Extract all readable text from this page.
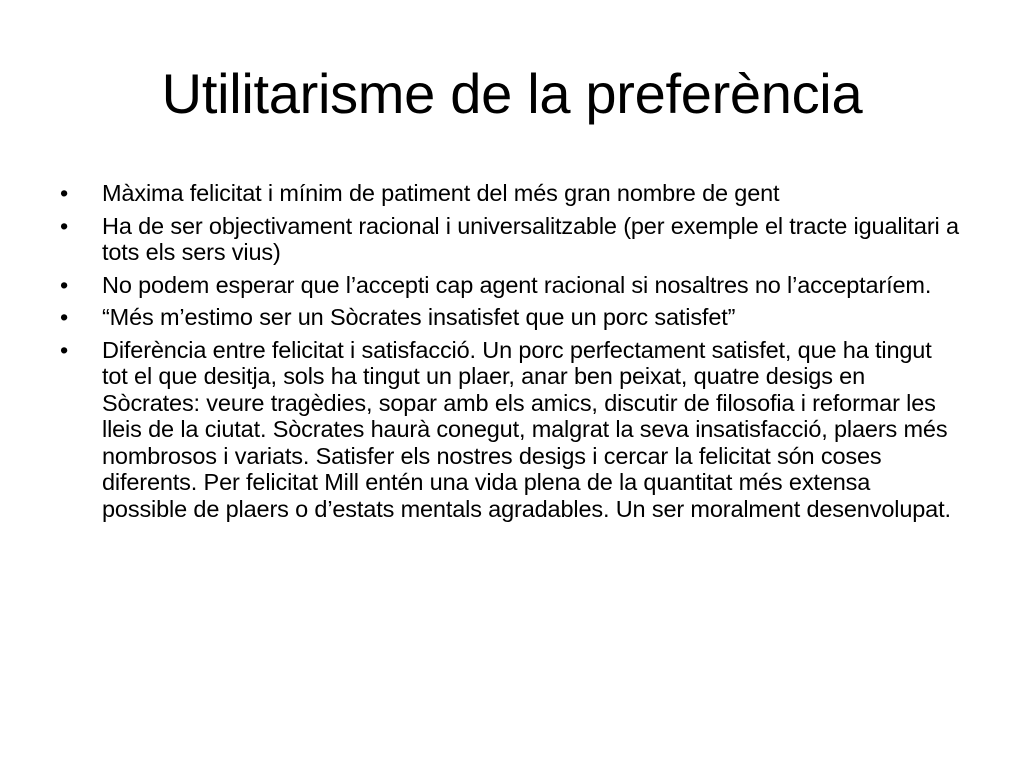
Utilitarisme de la preferència
•	Màxima felicitat i mínim de patiment del més gran nombre de gent
•	Ha de ser objectivament racional i universalitzable (per exemple el tracte igualitari a tots els sers vius)
•	No podem esperar que l’accepti cap agent racional si nosaltres no l’acceptaríem.
•	“Més m’estimo ser un Sòcrates insatisfet que un porc satisfet”
•	Diferència entre felicitat i satisfacció. Un porc perfectament satisfet, que ha tingut tot el que desitja, sols ha tingut un plaer, anar ben peixat, quatre desigs en Sòcrates: veure tragèdies, sopar amb els amics, discutir de filosofia i reformar les lleis de la ciutat. Sòcrates haurà conegut, malgrat la seva insatisfacció, plaers més nombrosos i variats. Satisfer els nostres desigs i cercar la felicitat són coses diferents. Per felicitat Mill entén una vida plena de la quantitat més extensa possible de plaers o d’estats mentals agradables. Un ser moralment desenvolupat.
